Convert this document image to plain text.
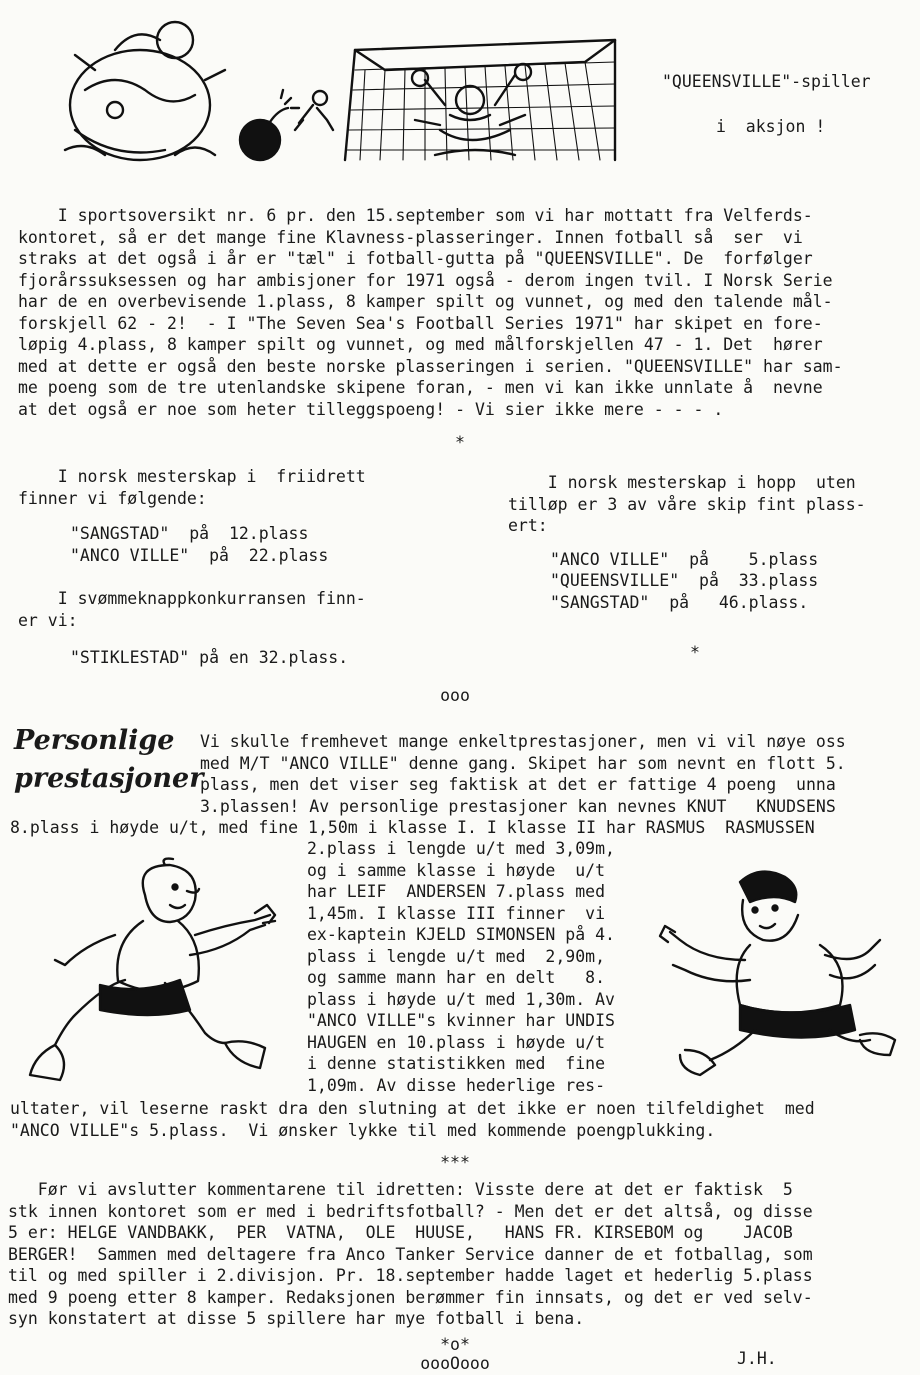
"QUEENSVILLE"-spiller
i  aksjon !
I sportsoversikt nr. 6 pr. den 15.september som vi har mottatt fra Velferds-
kontoret, så er det mange fine Klavness-plasseringer. Innen fotball så  ser  vi
straks at det også i år er "tæl" i fotball-gutta på "QUEENSVILLE". De  forfølger
fjorårssuksessen og har ambisjoner for 1971 også - derom ingen tvil. I Norsk Serie
har de en overbevisende 1.plass, 8 kamper spilt og vunnet, og med den talende mål-
forskjell 62 - 2!  - I "The Seven Sea's Football Series 1971" har skipet en fore-
løpig 4.plass, 8 kamper spilt og vunnet, og med målforskjellen 47 - 1. Det  hører
med at dette er også den beste norske plasseringen i serien. "QUEENSVILLE" har sam-
me poeng som de tre utenlandske skipene foran, - men vi kan ikke unnlate å  nevne
at det også er noe som heter tilleggspoeng! - Vi sier ikke mere - - - .
*
I norsk mesterskap i  friidrett
finner vi følgende:
"SANGSTAD"  på  12.plass
"ANCO VILLE"  på  22.plass
I svømmeknappkonkurransen finn-
er vi:
"STIKLESTAD" på en 32.plass.
I norsk mesterskap i hopp  uten
tilløp er 3 av våre skip fint plass-
ert:
"ANCO VILLE"  på    5.plass
"QUEENSVILLE"  på  33.plass
"SANGSTAD"  på   46.plass.
*
ooo
Personlige
prestasjoner
Vi skulle fremhevet mange enkeltprestasjoner, men vi vil nøye oss
med M/T "ANCO VILLE" denne gang. Skipet har som nevnt en flott 5.
plass, men det viser seg faktisk at det er fattige 4 poeng  unna
3.plassen! Av personlige prestasjoner kan nevnes KNUT   KNUDSENS
8.plass i høyde u/t, med fine 1,50m i klasse I. I klasse II har RASMUS  RASMUSSEN
2.plass i lengde u/t med 3,09m,
og i samme klasse i høyde  u/t
har LEIF  ANDERSEN 7.plass med
1,45m. I klasse III finner  vi
ex-kaptein KJELD SIMONSEN på 4.
plass i lengde u/t med  2,90m,
og samme mann har en delt   8.
plass i høyde u/t med 1,30m. Av
"ANCO VILLE"s kvinner har UNDIS
HAUGEN en 10.plass i høyde u/t
i denne statistikken med  fine
1,09m. Av disse hederlige res-
ultater, vil leserne raskt dra den slutning at det ikke er noen tilfeldighet  med
"ANCO VILLE"s 5.plass.  Vi ønsker lykke til med kommende poengplukking.
***
Før vi avslutter kommentarene til idretten: Visste dere at det er faktisk  5
stk innen kontoret som er med i bedriftsfotball? - Men det er det altså, og disse
5 er: HELGE VANDBAKK,  PER  VATNA,  OLE  HUUSE,   HANS FR. KIRSEBOM og    JACOB
BERGER!  Sammen med deltagere fra Anco Tanker Service danner de et fotballag, som
til og med spiller i 2.divisjon. Pr. 18.september hadde laget et hederlig 5.plass
med 9 poeng etter 8 kamper. Redaksjonen berømmer fin innsats, og det er ved selv-
syn konstatert at disse 5 spillere har mye fotball i bena.
*o*
oooOooo	J.H.
